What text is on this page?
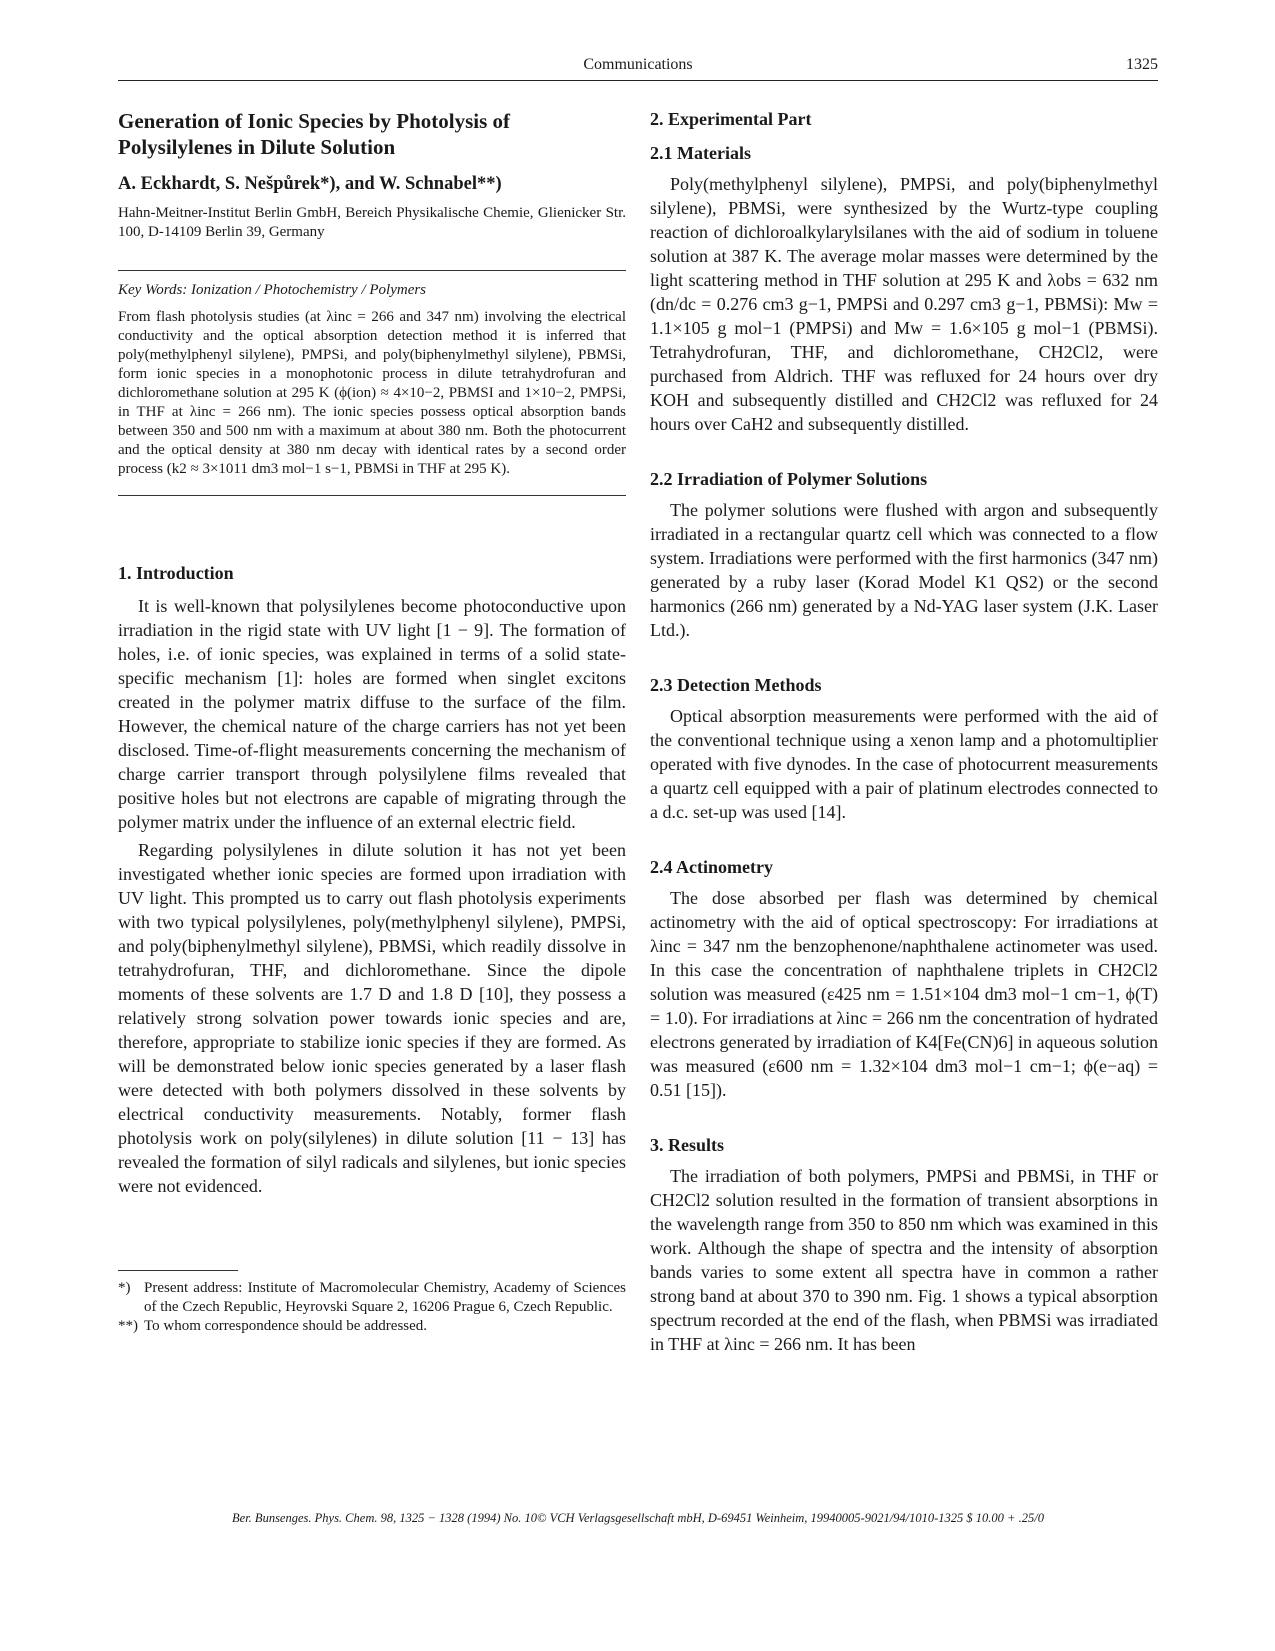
Communications	1325
Generation of Ionic Species by Photolysis of Polysilylenes in Dilute Solution

A. Eckhardt, S. Nešpůrek*), and W. Schnabel**)

Hahn-Meitner-Institut Berlin GmbH, Bereich Physikalische Chemie, Glienicker Str. 100, D-14109 Berlin 39, Germany

Key Words: Ionization / Photochemistry / Polymers

From flash photolysis studies (at λinc = 266 and 347 nm) involving the electrical conductivity and the optical absorption detection method it is inferred that poly(methylphenyl silylene), PMPSi, and poly(biphenylmethyl silylene), PBMSi, form ionic species in a monophotonic process in dilute tetrahydrofuran and dichloromethane solution at 295 K (ϕ(ion) ≈ 4×10−2, PBMSI and 1×10−2, PMPSi, in THF at λinc = 266 nm). The ionic species possess optical absorption bands between 350 and 500 nm with a maximum at about 380 nm. Both the photocurrent and the optical density at 380 nm decay with identical rates by a second order process (k2 ≈ 3×1011 dm3 mol−1 s−1, PBMSi in THF at 295 K).

1. Introduction

It is well-known that polysilylenes become photoconductive upon irradiation in the rigid state with UV light [1 − 9]. The formation of holes, i.e. of ionic species, was explained in terms of a solid state-specific mechanism [1]: holes are formed when singlet excitons created in the polymer matrix diffuse to the surface of the film. However, the chemical nature of the charge carriers has not yet been disclosed. Time-of-flight measurements concerning the mechanism of charge carrier transport through polysilylene films revealed that positive holes but not electrons are capable of migrating through the polymer matrix under the influence of an external electric field.

Regarding polysilylenes in dilute solution it has not yet been investigated whether ionic species are formed upon irradiation with UV light. This prompted us to carry out flash photolysis experiments with two typical polysilylenes, poly(methylphenyl silylene), PMPSi, and poly(biphenylmethyl silylene), PBMSi, which readily dissolve in tetrahydrofuran, THF, and dichloromethane. Since the dipole moments of these solvents are 1.7 D and 1.8 D [10], they possess a relatively strong solvation power towards ionic species and are, therefore, appropriate to stabilize ionic species if they are formed. As will be demonstrated below ionic species generated by a laser flash were detected with both polymers dissolved in these solvents by electrical conductivity measurements. Notably, former flash photolysis work on poly(silylenes) in dilute solution [11 − 13] has revealed the formation of silyl radicals and silylenes, but ionic species were not evidenced.

*) Present address: Institute of Macromolecular Chemistry, Academy of Sciences of the Czech Republic, Heyrovski Square 2, 16206 Prague 6, Czech Republic.
**) To whom correspondence should be addressed.
2. Experimental Part
2.1 Materials

Poly(methylphenyl silylene), PMPSi, and poly(biphenylmethyl silylene), PBMSi, were synthesized by the Wurtz-type coupling reaction of dichloroalkylarylsilanes with the aid of sodium in toluene solution at 387 K. The average molar masses were determined by the light scattering method in THF solution at 295 K and λobs = 632 nm (dn/dc = 0.276 cm3 g−1, PMPSi and 0.297 cm3 g−1, PBMSi): Mw = 1.1×105 g mol−1 (PMPSi) and Mw = 1.6×105 g mol−1 (PBMSi). Tetrahydrofuran, THF, and dichloromethane, CH2Cl2, were purchased from Aldrich. THF was refluxed for 24 hours over dry KOH and subsequently distilled and CH2Cl2 was refluxed for 24 hours over CaH2 and subsequently distilled.

2.2 Irradiation of Polymer Solutions

The polymer solutions were flushed with argon and subsequently irradiated in a rectangular quartz cell which was connected to a flow system. Irradiations were performed with the first harmonics (347 nm) generated by a ruby laser (Korad Model K1 QS2) or the second harmonics (266 nm) generated by a Nd-YAG laser system (J.K. Laser Ltd.).

2.3 Detection Methods

Optical absorption measurements were performed with the aid of the conventional technique using a xenon lamp and a photomultiplier operated with five dynodes. In the case of photocurrent measurements a quartz cell equipped with a pair of platinum electrodes connected to a d.c. set-up was used [14].

2.4 Actinometry

The dose absorbed per flash was determined by chemical actinometry with the aid of optical spectroscopy: For irradiations at λinc = 347 nm the benzophenone/naphthalene actinometer was used. In this case the concentration of naphthalene triplets in CH2Cl2 solution was measured (ε425 nm = 1.51×104 dm3 mol−1 cm−1, ϕ(T) = 1.0). For irradiations at λinc = 266 nm the concentration of hydrated electrons generated by irradiation of K4[Fe(CN)6] in aqueous solution was measured (ε600 nm = 1.32×104 dm3 mol−1 cm−1; ϕ(e−aq) = 0.51 [15]).

3. Results

The irradiation of both polymers, PMPSi and PBMSi, in THF or CH2Cl2 solution resulted in the formation of transient absorptions in the wavelength range from 350 to 850 nm which was examined in this work. Although the shape of spectra and the intensity of absorption bands varies to some extent all spectra have in common a rather strong band at about 370 to 390 nm. Fig. 1 shows a typical absorption spectrum recorded at the end of the flash, when PBMSi was irradiated in THF at λinc = 266 nm. It has been

Ber. Bunsenges. Phys. Chem. 98, 1325 − 1328 (1994) No. 10© VCH Verlagsgesellschaft mbH, D-69451 Weinheim, 19940005-9021/94/1010-1325 $ 10.00 + .25/0
